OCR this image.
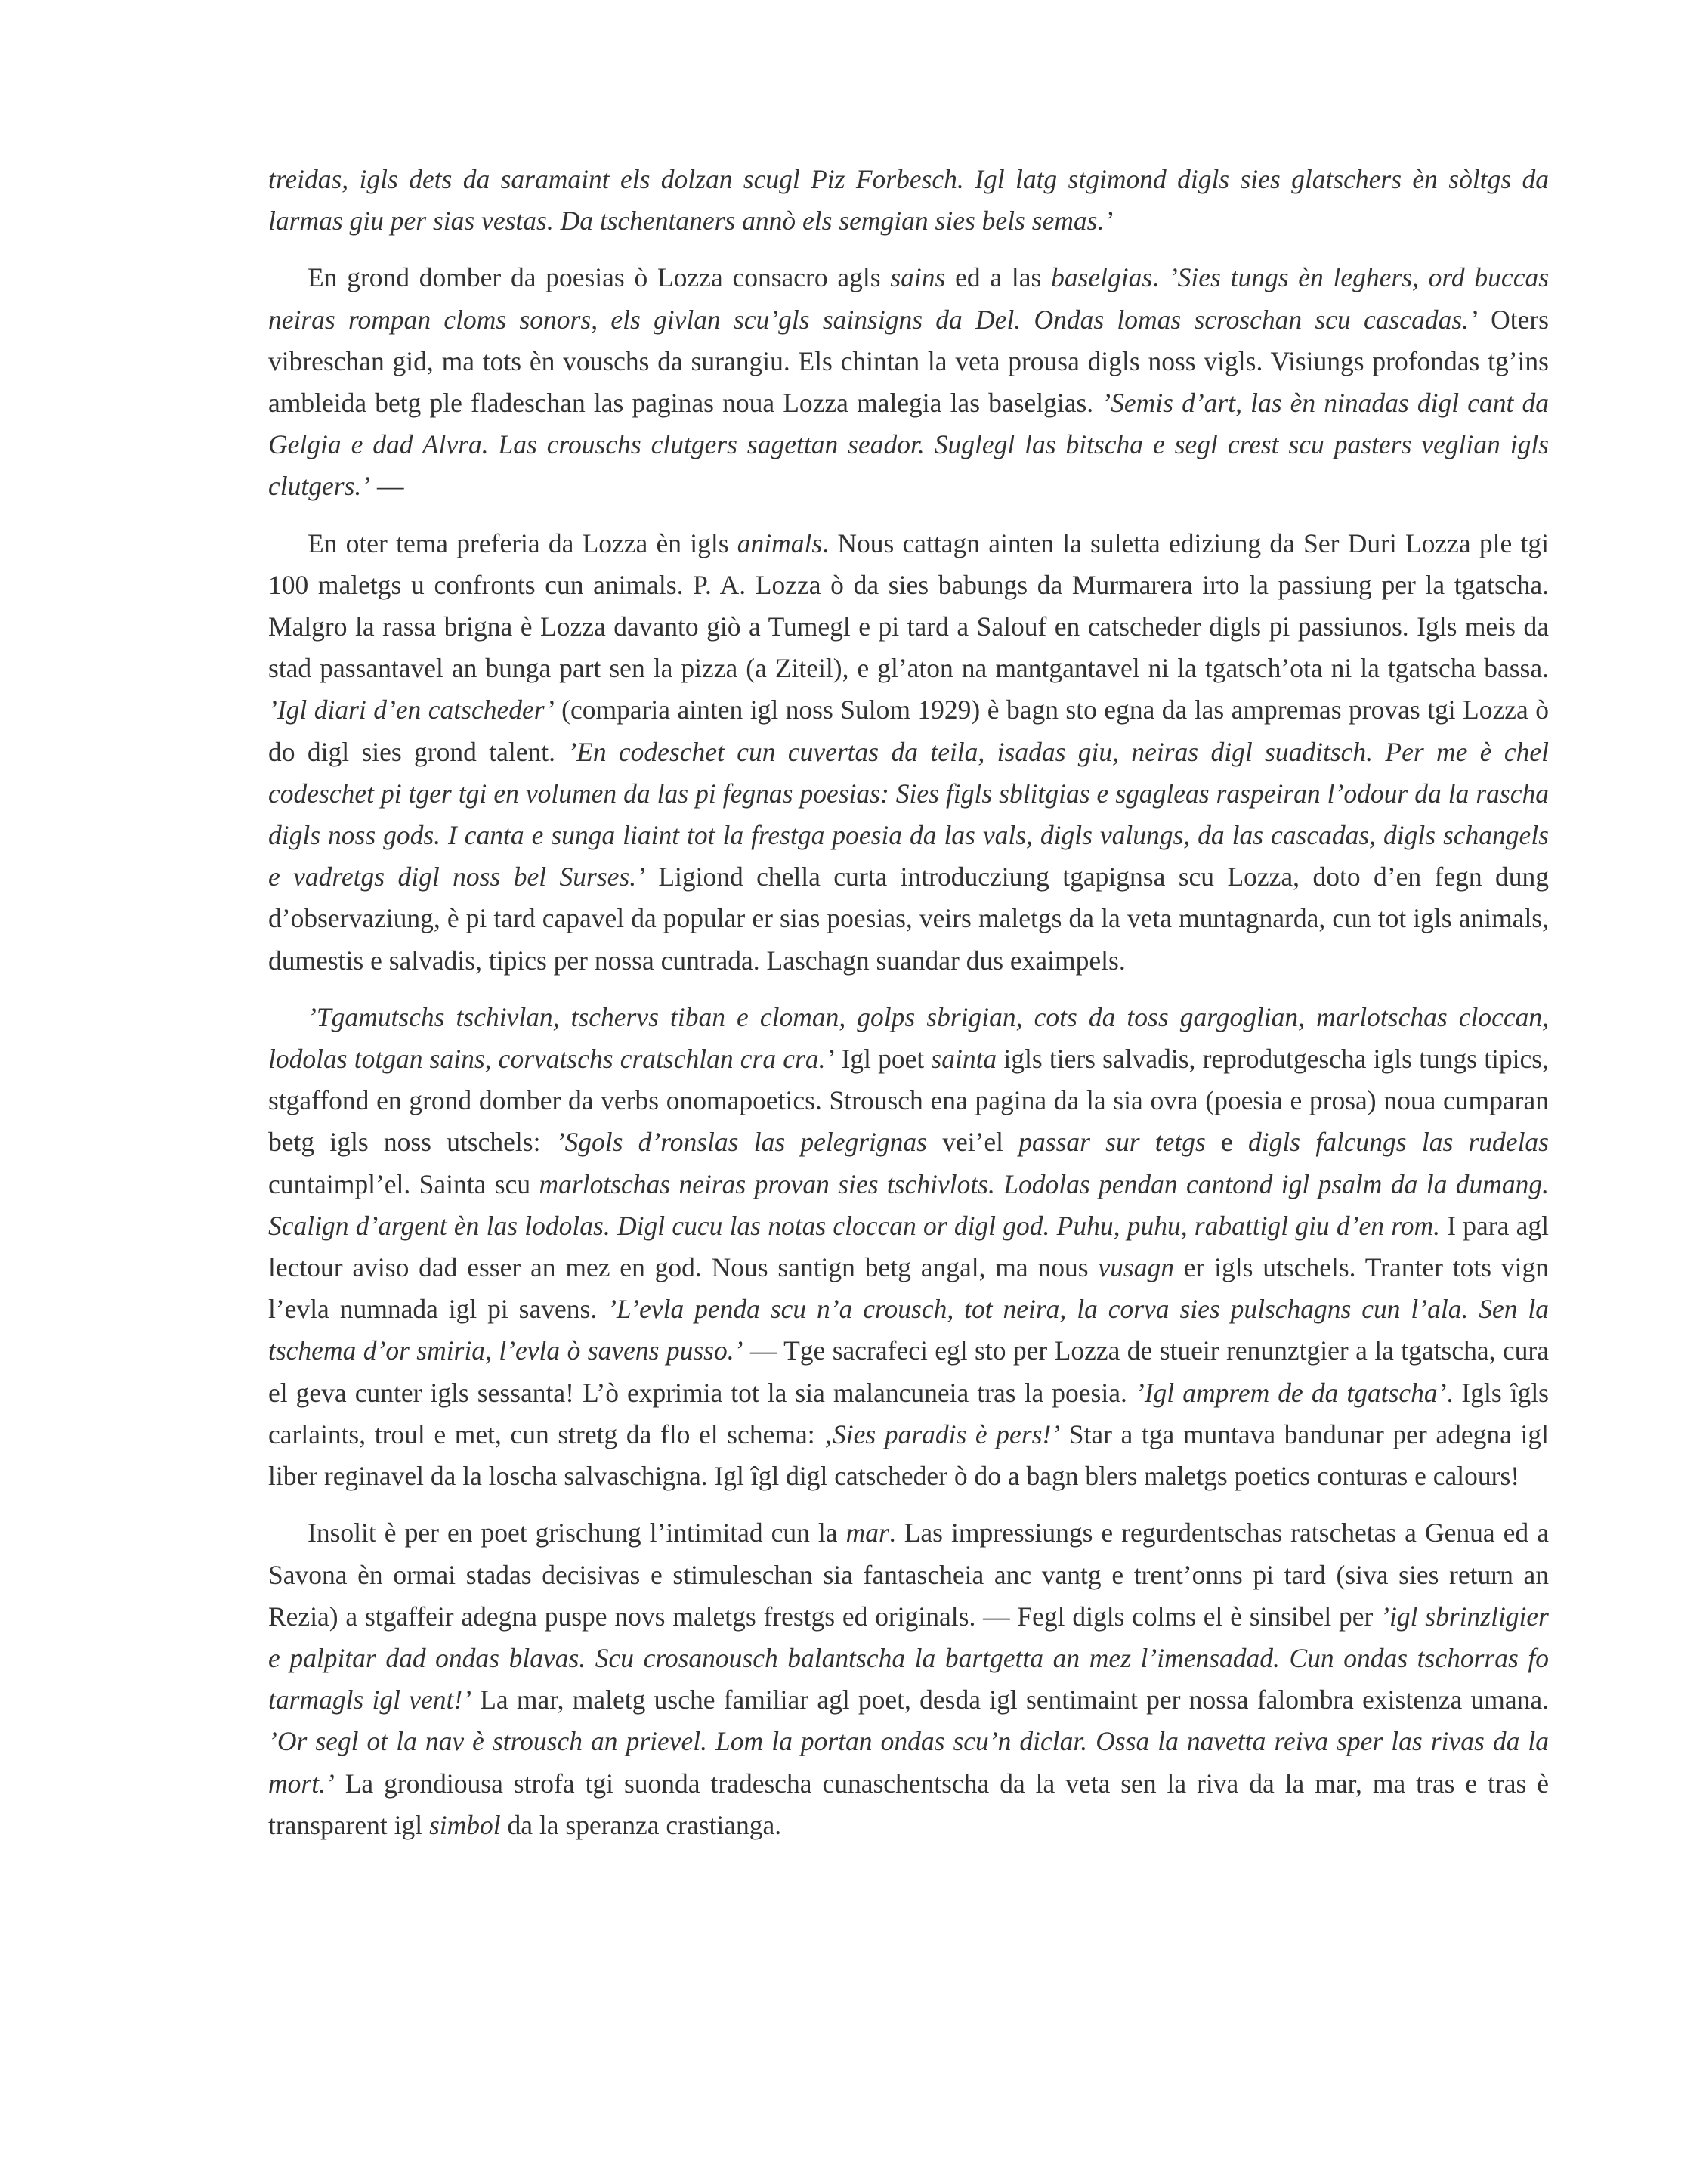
treidas, igls dets da saramaint els dolzan scugl Piz Forbesch. Igl latg stgimond digls sies glatschers èn sòltgs da larmas giu per sias vestas. Da tschentaners annò els semgian sies bels semas.’

En grond domber da poesias ò Lozza consacro agls sains ed a las baselgias. ’Sies tungs èn leghers, ord buccas neiras rompan cloms sonors, els givlan scu’gls sainsigns da Del. Ondas lomas scroschan scu cascadas.’ Oters vibreschan gid, ma tots èn vouschs da surangiu. Els chintan la veta prousa digls noss vigls. Visiungs profondas tg’ins ambleida betg ple fladeschan las paginas noua Lozza malegia las baselgias. ’Semis d’art, las èn ninadas digl cant da Gelgia e dad Alvra. Las crouschs clutgers sagettan seador. Suglegl las bitscha e segl crest scu pasters veglian igls clutgers.’ —

En oter tema preferia da Lozza èn igls animals. Nous cattagn ainten la suletta ediziung da Ser Duri Lozza ple tgi 100 maletgs u confronts cun animals. P. A. Lozza ò da sies babungs da Murmarera irto la passiung per la tgatscha. Malgro la rassa brigna è Lozza davanto giò a Tumegl e pi tard a Salouf en catscheder digls pi passiunos. Igls meis da stad passantavel an bunga part sen la pizza (a Ziteil), e gl’aton na mantgantavel ni la tgatsch’ota ni la tgatscha bassa. ’Igl diari d’en catscheder’ (comparia ainten igl noss Sulom 1929) è bagn sto egna da las ampremas provas tgi Lozza ò do digl sies grond talent. ’En codeschet cun cuvertas da teila, isadas giu, neiras digl suaditsch. Per me è chel codeschet pi tger tgi en volumen da las pi fegnas poesias: Sies figls sblitgias e sgagleas raspeiran l’odour da la rascha digls noss gods. I canta e sunga liaint tot la frestga poesia da las vals, digls valungs, da las cascadas, digls schangels e vadretgs digl noss bel Surses.’ Ligiond chella curta introducziung tgapignsa scu Lozza, doto d’en fegn dung d’observaziung, è pi tard capavel da popular er sias poesias, veirs maletgs da la veta muntagnarda, cun tot igls animals, dumestis e salvadis, tipics per nossa cuntrada. Laschagn suandar dus exaimpels.

’Tgamutschs tschivlan, tschervs tiban e cloman, golps sbrigian, cots da toss gargoglian, marlotschas cloccan, lodolas totgan sains, corvatschs cratschlan cra cra.’ Igl poet sainta igls tiers salvadis, reprodutgescha igls tungs tipics, stgaffond en grond domber da verbs onomapoetics. Strousch ena pagina da la sia ovra (poesia e prosa) noua cumparan betg igls noss utschels: ’Sgols d’ronslas las pelegrignas vei’el passar sur tetgs e digls falcungs las rudelas cuntaimpl’el. Sainta scu marlotschas neiras provan sies tschivlots. Lodolas pendan cantond igl psalm da la dumang. Scalign d’argent èn las lodolas. Digl cucu las notas cloccan or digl god. Puhu, puhu, rabattigl giu d’en rom. I para agl lectour aviso dad esser an mez en god. Nous santign betg angal, ma nous vusagn er igls utschels. Tranter tots vign l’evla numnada igl pi savens. ’L’evla penda scu n’a crousch, tot neira, la corva sies pulschagns cun l’ala. Sen la tschema d’or smiria, l’evla ò savens pusso.’ — Tge sacrafeci egl sto per Lozza de stueir renunztgier a la tgatscha, cura el geva cunter igls sessanta! L’ò exprimia tot la sia malancuneia tras la poesia. ’Igl amprem de da tgatscha’. Igls îgls carlaints, troul e met, cun stretg da flo el schema: ‚Sies paradis è pers!’ Star a tga muntava bandunar per adegna igl liber reginavel da la loscha salvaschigna. Igl îgl digl catscheder ò do a bagn blers maletgs poetics conturas e calours!

Insolit è per en poet grischung l’intimitad cun la mar. Las impressiungs e regurdentschas ratschetas a Genua ed a Savona èn ormai stadas decisivas e stimuleschan sia fantascheia anc vantg e trent’onns pi tard (siva sies return an Rezia) a stgaffeir adegna puspe novs maletgs frestgs ed originals. — Fegl digls colms el è sinsibel per ’igl sbrinzligier e palpitar dad ondas blavas. Scu crosanousch balantscha la bartgetta an mez l’imensadad. Cun ondas tschorras fo tarmagls igl vent!’ La mar, maletg usche familiar agl poet, desda igl sentimaint per nossa falombra existenza umana. ’Or segl ot la nav è strousch an prievel. Lom la portan ondas scu’n diclar. Ossa la navetta reiva sper las rivas da la mort.’ La grondiousa strofa tgi suonda tradescha cunaschentscha da la veta sen la riva da la mar, ma tras e tras è transparent igl simbol da la speranza crastianga.
